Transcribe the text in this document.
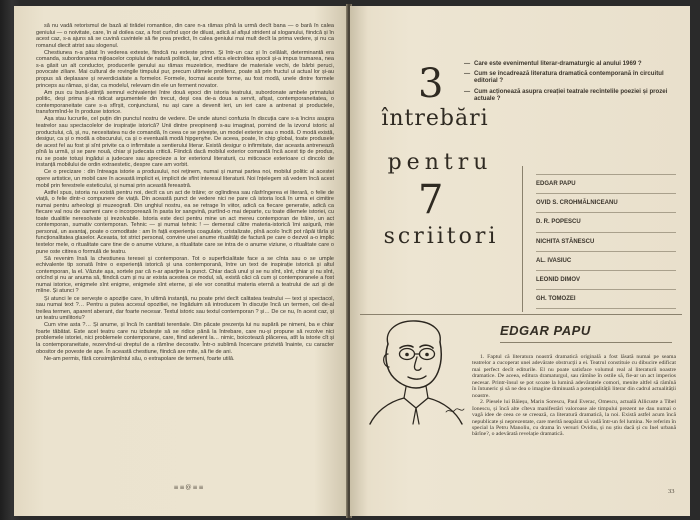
să nu vadă retorismul de bază al tirădei romantice, din care n-a rămas pînă la urmă decît bana — o bară în calea geniului — o noivitate, care, în al doilea caz, a fost curînd ușor de diluat, adică al afișul strident al sloganului, fiindcă și în acest caz, s-a ajuns să se cuvină cuvintele să fie prea predict, în calea geniului mai mult decît la prima vedere, și nu ca romanul diecit atrist sau slogenul.

Chestiunea n-a pătat în vederea exteste, fiindcă nu exteste primo. Și într-un caz și în celălalt, determinantă era comanda, subordonarea mijloacelor copiului de natură politică, iar, cînd etica electrolitea epocii și-a impus tramarea, nea s-a găsit un alt conductor, producerile genului au rămas muzeistice, meditare de materiale vechi, de bărbi peruci, povocate ziliare. Mai cultural de rovingile timpului pur, precum ultimele prolitenz, poate să prin fructul ui actual lor și-au propus să deplasare și reverdiciaitate a formelor. Formele, tocmai aceste forme, au fost modă, unele dintre formele princeps au rămas, și dar, ca modelul, relevam din ele un ferment novator.

Am pus cu bună-știință semnul echivalenței între două epoci din istoria teatrului, subordonate ambele primatului politic, deși prima și-a ridicat argumentele din trecut, deși cea de-a doua a servit, afișat, contemporaneitatea, o contemporaneitate care s-a sfîrșit, conjunctural, nu ași care a devenit ieri, un ieri care a antrenat și productele, transformînd-le în produse istorice.

Așa stau lucrurile, cel puțin din punctul nostru de vedere. De unde atunci confuzia în discuția care s-a încins asupra teatrelor sau spectacolelor de inspirație istorică? Unii dintre preopinenți s-au imaginat, pornind de la izvorul istoric al productului, că, și, nu, necesitatea nu de comandă, în ceea ce se privește, un model exterior sau o modă. O modă există, desigur, ca și o modă a obscurului, ca și o eventuală modă hipgenyhe. De aceea, poate, în chip global, toate produsele de acest fel au fost și sînt privite ca o infirmitate a sentierului literar. Există desigur o infirmitate, dar aceasta antrenează pînă la urmă, și se pare nouă, chiar și judecata critică. Fiindcă dacă mobilul exterior comandă încă acest tip de produs, nu se poate totuși ingădui a judecare sau aprecieze a lor exteriorul literaturii, cu miticoace exterioare ci dincolo de instanță mobilului de ordin extraestetic, despre care am vorbit.

Ce o precizare : din întreaga istorie a produsului, noi reținem, numai și numai partea noi, mobilul politic al acestei opere artistice, un mobil care în această implicit ei, implicit de sfînt interesul literaturii. Noi înțelegem să vedem încă acest mobil prin ferestrele esteticului, și numai prin această fereastră.

Astfel spus, istoria nu există pentru noi, decît ca un act de trăire; or oglindirea sau răsfrîngerea ei literară, o felie de viață, o felie dintr-o compunere de viață. Din această punct de vedere nici ne pare că istoria locă în urma ei cimitire numai pentru arheologi și muzeografi. Din unghiul nostru, ea se retrage în viitor, adică ca fiecare generatie, adică ca fiecare val nou de oameni care o incorporează în pasta lor sangvină, purtînd-o mai departe, cu toate dilemele istoriei, cu toate dualitile neresolvate și irezolvabile. Istoria este deci pentru mine un act mereu contemporan de trăire, un act contemporan, sumativ contemporan. Tehnic — și numai tehnic ! — demersul către materia-istorică îmi asigură, mie personal, un avantaj, poate o comoditate : am în față experiența coagulate, cristalizate, pînă acolo încît pot răpăi tărîa și funcționalitatea glaselor. Aceasta, tot strict personal, convine unei anume ritualități de factură pe care o dezvol a-o implic textelor mele, o ritualitate care tine de o anume viziune, a ritualitate care se intra de o anume viziune, o ritualitate care o pune oste citirea o formulă de teatru.

Să revenim însă la chestiunea teresei și contemporan. Tot o superficialitate face a se cînta sau o se umple echivalente tip sonată între o experiență istorică și una contemporană, între un text de inspirație istorică și altul contemporan, la el. Văzute așa, sortele par că n-ar aparține la punct. Chiar dacă unul și se nu sînt, sînt, chiar și nu sînt, oricînd și nu ar anuma să, fiindcă cum și nu ar exista acestea ce modul, să, există căci că cum și contemporanele a fost numai istorice, enigmele sînt enigme, enigmele sînt eterne, și ele vor constitui materia eternă a teatrului de azi și de mîine. Și atunci ?

Și atunci le ce servește o apoziție care, în ultimă instanță, nu poate privi decît calitatea teatrului — text și spectacol, sau numai text ?… Pentru a putea accesul opozitiei, ne îngăduim să introducem în discuție încă un termen, cel de-al treilea termen, aparent aberant, dar foarte necesar. Textul istoric sau textul contemporan ? și… De ce nu, în acest caz, și un teatru umilitoriu?

Cum vine asta ?… Și anume, și încă în cantitati terentiale. Din păcate prezența lui nu supără pe nimeni, ba e chiar foarte tăbătat. Este acel teatru care nu izbutește să se ridice până la întrebare, care nu-și propune să rezolve nici problemele istoriei, nici problemele contemporane, care, fiind aderent la… nimic, boicotează plăcerea, atît la istorie cît și la contemporaneitate, rezervînd-ui dreptul de a rămîne decorativ. Într-o sublimă încercare prizivită înainte, cu caracter obositor de poveste de ape. În această chestiune, fiindcă are mite, să fie de ani.

Ne-am permis, fără consimțămîntul său, o extrapolare de termeni, foarte utilă.

≡≡@≡≡
— Care este evenimentul literar-dramaturgic al anului 1969 ?
— Cum se încadrează literatura dramatică contemporană în circuitul editorial ?
— Cum acționează asupra creației teatrale recîntelile poeziei și prozei actuale ?
3
întrebări
pentru
7
scriitori
EDGAR PAPU
OVID S. CROHMĂLNICEANU
D. R. POPESCU
NICHITA STĂNESCU
AL. IVASIUC
LEONID DIMOV
GH. TOMOZEI
EDGAR PAPU

1. Faptul că literatura noastră dramatică originală a fost lăsată numai pe seama teatrelor a cucoperat unei adevărate obstrucții a ei. Teatrul constituie cu dibucire edificat mai perfect decît editurile. El nu poate satisface volumul real al literaturii noastre dramatice. De aceea, editura dramaturgul, sau rămîne în ostile să, fie-ar un act imperios necesar. Printr-însul se pot scoate la lumină adevăratele comori, menite altfel să rămînă în întuneric și să ne dea o imagine diminuată a potențialității literar din cadrul actualității noastre.

2. Piesele lui Băieșu, Marin Sorescu, Paul Everac, Omescu, actuală Allicuste a Tibel Ionescu, și încă alte cîteva manifestări valoroase ale timpului prezent ne dau numai o vagă idee de ceea ce se creează, ca literatură dramatică, la noi. Există astfel acum încă nepublicate și neprezentate, care merită neapărat să vadă într-un fel lumina. Ne referim în special la Petru Manoliu, cu drama în versuri Ovidiu, și nu știu dacă și cu Inel urbană bărîne?, o adevărată revelație dramatică.

33
